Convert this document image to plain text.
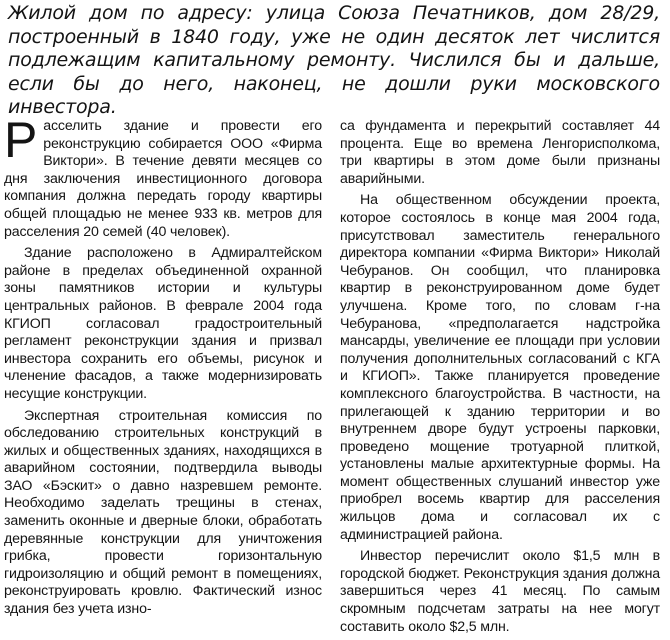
Жилой дом по адресу: улица Союза Печатников, дом 28/29, построенный в 1840 году, уже не один десяток лет числится подлежащим капитальному ремонту. Числился бы и дальше, если бы до него, наконец, не дошли руки московского инвестора.

Расселить здание и провести его реконструкцию собирается ООО «Фирма Виктори». В течение девяти месяцев со дня заключения инвестиционного договора компания должна передать городу квартиры общей площадью не менее 933 кв. метров для расселения 20 семей (40 человек).

Здание расположено в Адмиралтейском районе в пределах объединенной охранной зоны памятников истории и культуры центральных районов. В феврале 2004 года КГИОП согласовал градостроительный регламент реконструкции здания и призвал инвестора сохранить его объемы, рисунок и членение фасадов, а также модернизировать несущие конструкции.

Экспертная строительная комиссия по обследованию строительных конструкций в жилых и общественных зданиях, находящихся в аварийном состоянии, подтвердила выводы ЗАО «Бэскит» о давно назревшем ремонте. Необходимо заделать трещины в стенах, заменить оконные и дверные блоки, обработать деревянные конструкции для уничтожения грибка, провести горизонтальную гидроизоляцию и общий ремонт в помещениях, реконструировать кровлю. Фактический износ здания без учета изно-

са фундамента и перекрытий составляет 44 процента. Еще во времена Ленгорисполкома, три квартиры в этом доме были признаны аварийными.

На общественном обсуждении проекта, которое состоялось в конце мая 2004 года, присутствовал заместитель генерального директора компании «Фирма Виктори» Николай Чебуранов. Он сообщил, что планировка квартир в реконструированном доме будет улучшена. Кроме того, по словам г-на Чебуранова, «предполагается надстройка мансарды, увеличение ее площади при условии получения дополнительных согласований с КГА и КГИОП». Также планируется проведение комплексного благоустройства. В частности, на прилегающей к зданию территории и во внутреннем дворе будут устроены парковки, проведено мощение тротуарной плиткой, установлены малые архитектурные формы. На момент общественных слушаний инвестор уже приобрел восемь квартир для расселения жильцов дома и согласовал их с администрацией района.

Инвестор перечислит около $1,5 млн в городской бюджет. Реконструкция здания должна завершиться через 41 месяц. По самым скромным подсчетам затраты на нее могут составить около $2,5 млн.
